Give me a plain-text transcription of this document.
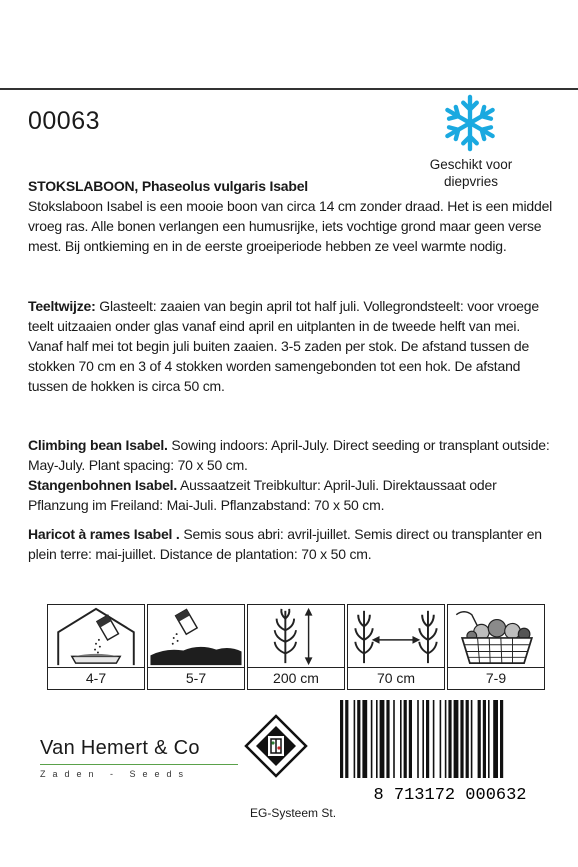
00063
Geschikt voor
diepvries
STOKSLABOON, Phaseolus vulgaris Isabel
Stokslaboon Isabel is een mooie boon van circa 14 cm zonder draad. Het is een middel vroeg ras. Alle bonen verlangen een humusrijke, iets vochtige grond maar geen verse mest. Bij ontkieming en in de eerste groeiperiode hebben ze veel warmte nodig.
Teeltwijze: Glasteelt: zaaien van begin april tot half juli. Vollegrondsteelt: voor vroege teelt uitzaaien onder glas vanaf eind april en uitplanten in de tweede helft van mei. Vanaf half mei tot begin juli buiten zaaien. 3-5 zaden per stok. De afstand tussen de stokken 70 cm en 3 of 4 stokken worden samengebonden tot een hok. De afstand tussen de hokken is circa 50 cm.
Climbing bean Isabel. Sowing indoors: April-July. Direct seeding or transplant outside: May-July. Plant spacing: 70 x 50 cm.
Stangenbohnen Isabel. Aussaatzeit Treibkultur: April-Juli. Direktaussaat oder Pflanzung im Freiland: Mai-Juli. Pflanzabstand: 70 x 50 cm.
Haricot à rames Isabel . Semis sous abri: avril-juillet. Semis direct ou transplanter en plein terre: mai-juillet. Distance de plantation: 70 x 50 cm.
4-7	5-7	200 cm	70 cm	7-9
Van Hemert & Co
Zaden - Seeds
8 713172 000632
EG-Systeem St.
